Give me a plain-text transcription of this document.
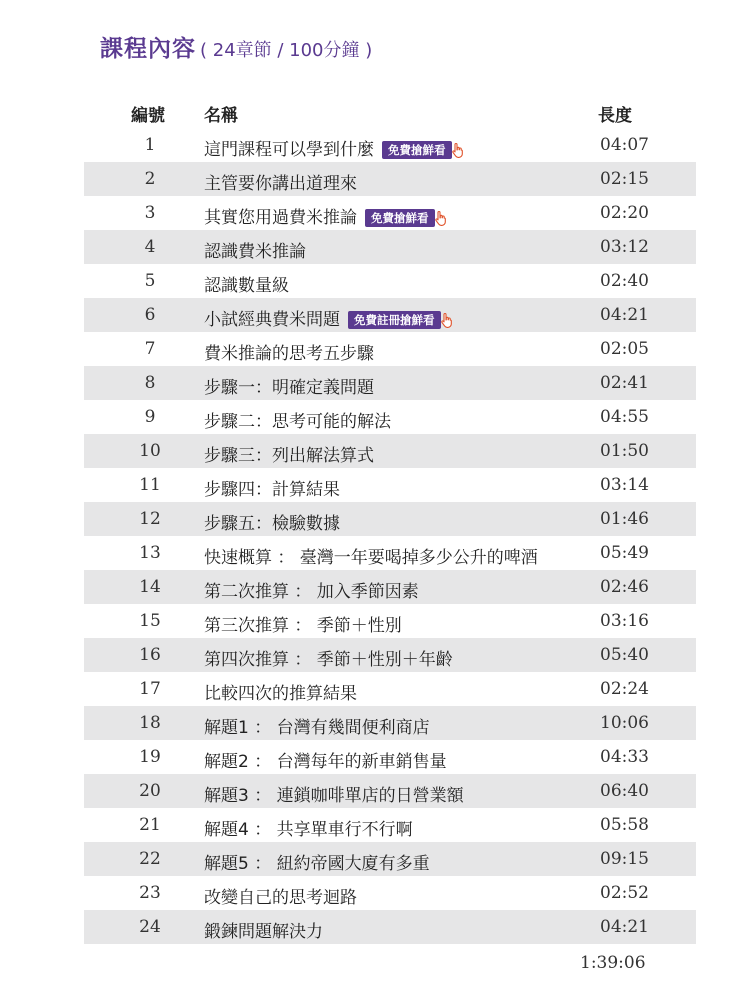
課程內容 ( 24章節 / 100分鐘 )
編號 名稱	長度
1	這門課程可以學到什麼	免費搶鮮看	04:07
2	主管要你講出道理來	02:15
3	其實您用過費米推論	免費搶鮮看	02:20
4	認識費米推論	03:12
5	認識數量級	02:40
6	小試經典費米問題	免費註冊搶鮮看	04:21
7	費米推論的思考五步驟	02:05
8	步驟一：明確定義問題	02:41
9	步驟二：思考可能的解法	04:55
10	步驟三：列出解法算式	01:50
11	步驟四：計算結果	03:14
12	步驟五：檢驗數據	01:46
13	快速概算 ： 臺灣一年要喝掉多少公升的啤酒	05:49
14	第二次推算 ： 加入季節因素	02:46
15	第三次推算 ： 季節＋性別	03:16
16	第四次推算 ： 季節＋性別＋年齡	05:40
17	比較四次的推算結果	02:24
18	解題1 ： 台灣有幾間便利商店	10:06
19	解題2 ： 台灣每年的新車銷售量	04:33
20	解題3 ： 連鎖咖啡單店的日營業額	06:40
21	解題4 ： 共享單車行不行啊	05:58
22	解題5 ： 紐約帝國大廈有多重	09:15
23	改變自己的思考迴路	02:52
24	鍛鍊問題解決力	04:21
1:39:06
